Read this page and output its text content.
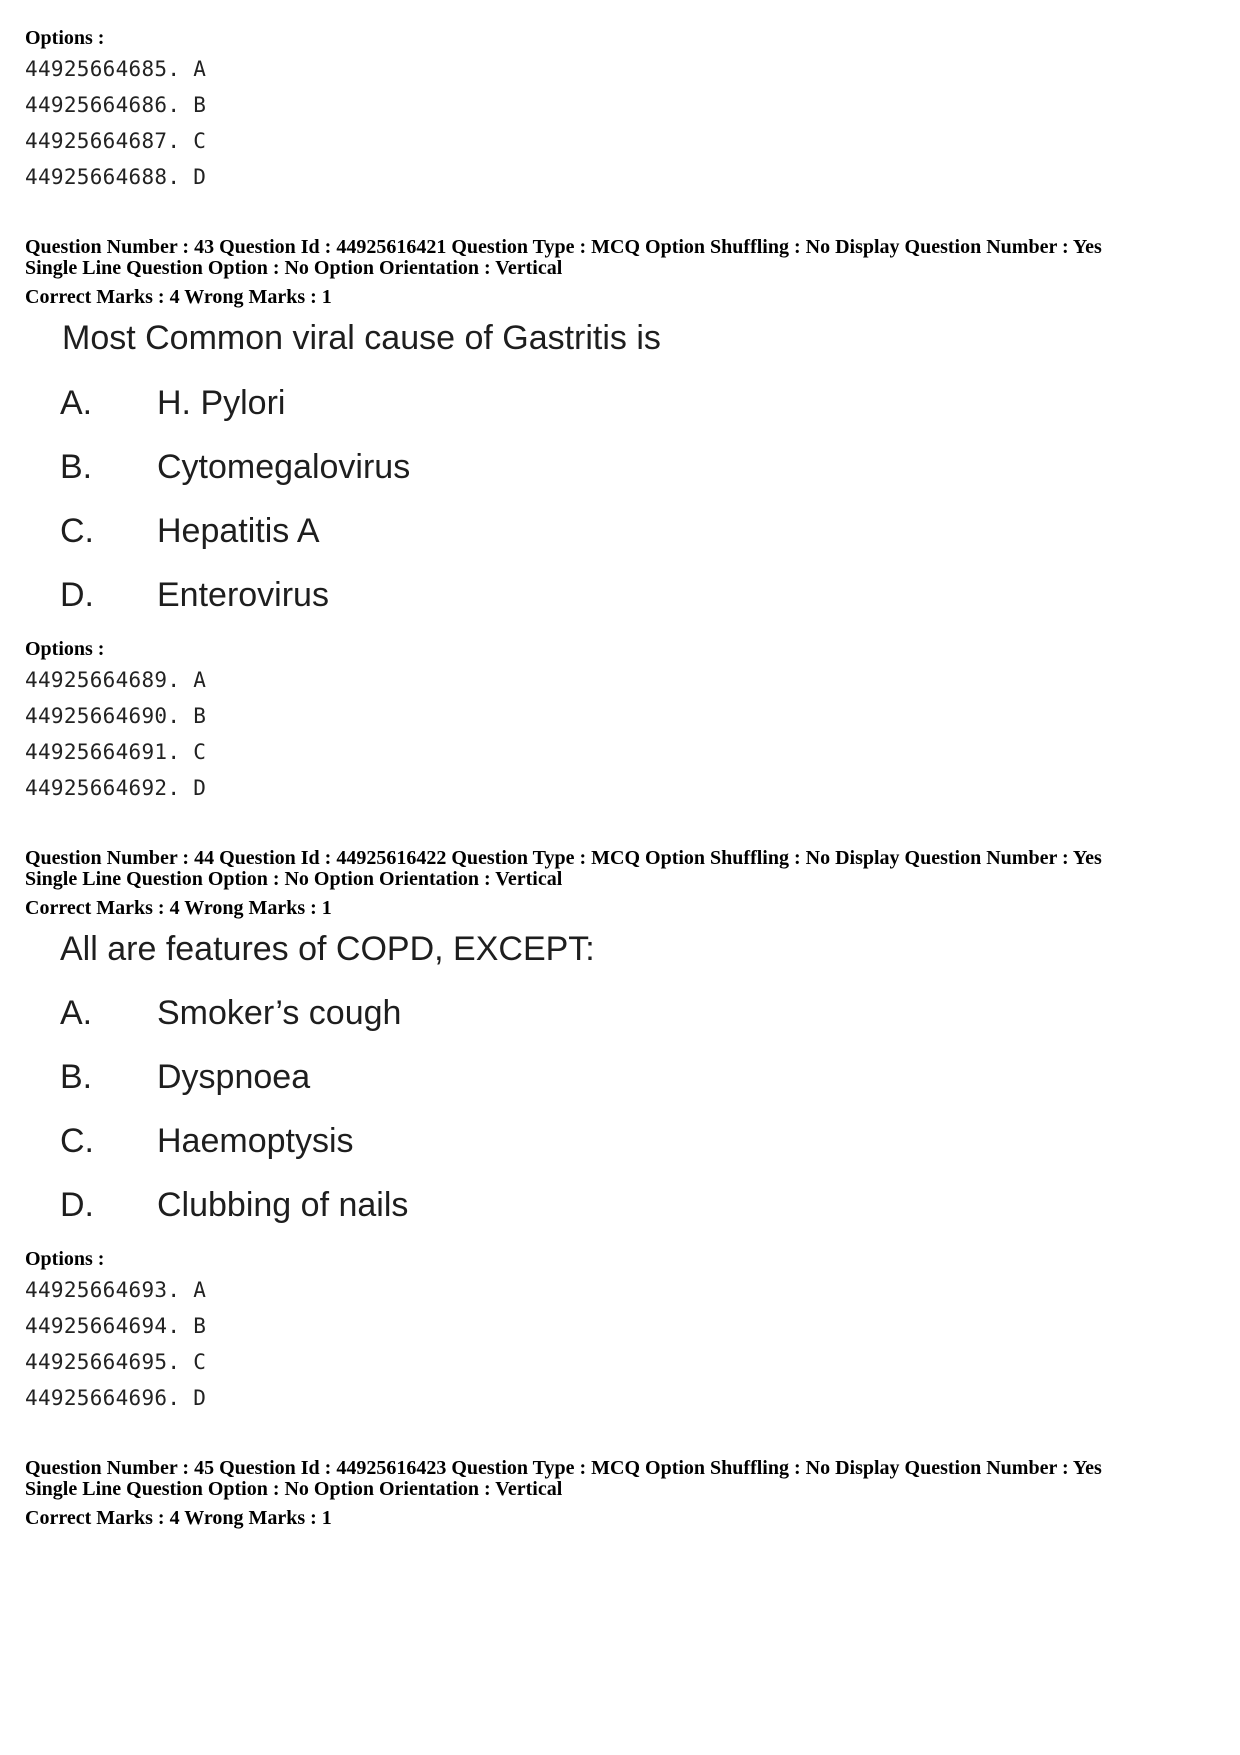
Options :
44925664685. A
44925664686. B
44925664687. C
44925664688. D
Question Number : 43 Question Id : 44925616421 Question Type : MCQ Option Shuffling : No Display Question Number : Yes
Single Line Question Option : No Option Orientation : Vertical
Correct Marks : 4 Wrong Marks : 1
Most Common viral cause of Gastritis is
A. H. Pylori
B. Cytomegalovirus
C. Hepatitis A
D. Enterovirus
Options :
44925664689. A
44925664690. B
44925664691. C
44925664692. D
Question Number : 44 Question Id : 44925616422 Question Type : MCQ Option Shuffling : No Display Question Number : Yes
Single Line Question Option : No Option Orientation : Vertical
Correct Marks : 4 Wrong Marks : 1
All are features of COPD, EXCEPT:
A. Smoker’s cough
B. Dyspnoea
C. Haemoptysis
D. Clubbing of nails
Options :
44925664693. A
44925664694. B
44925664695. C
44925664696. D
Question Number : 45 Question Id : 44925616423 Question Type : MCQ Option Shuffling : No Display Question Number : Yes
Single Line Question Option : No Option Orientation : Vertical
Correct Marks : 4 Wrong Marks : 1
